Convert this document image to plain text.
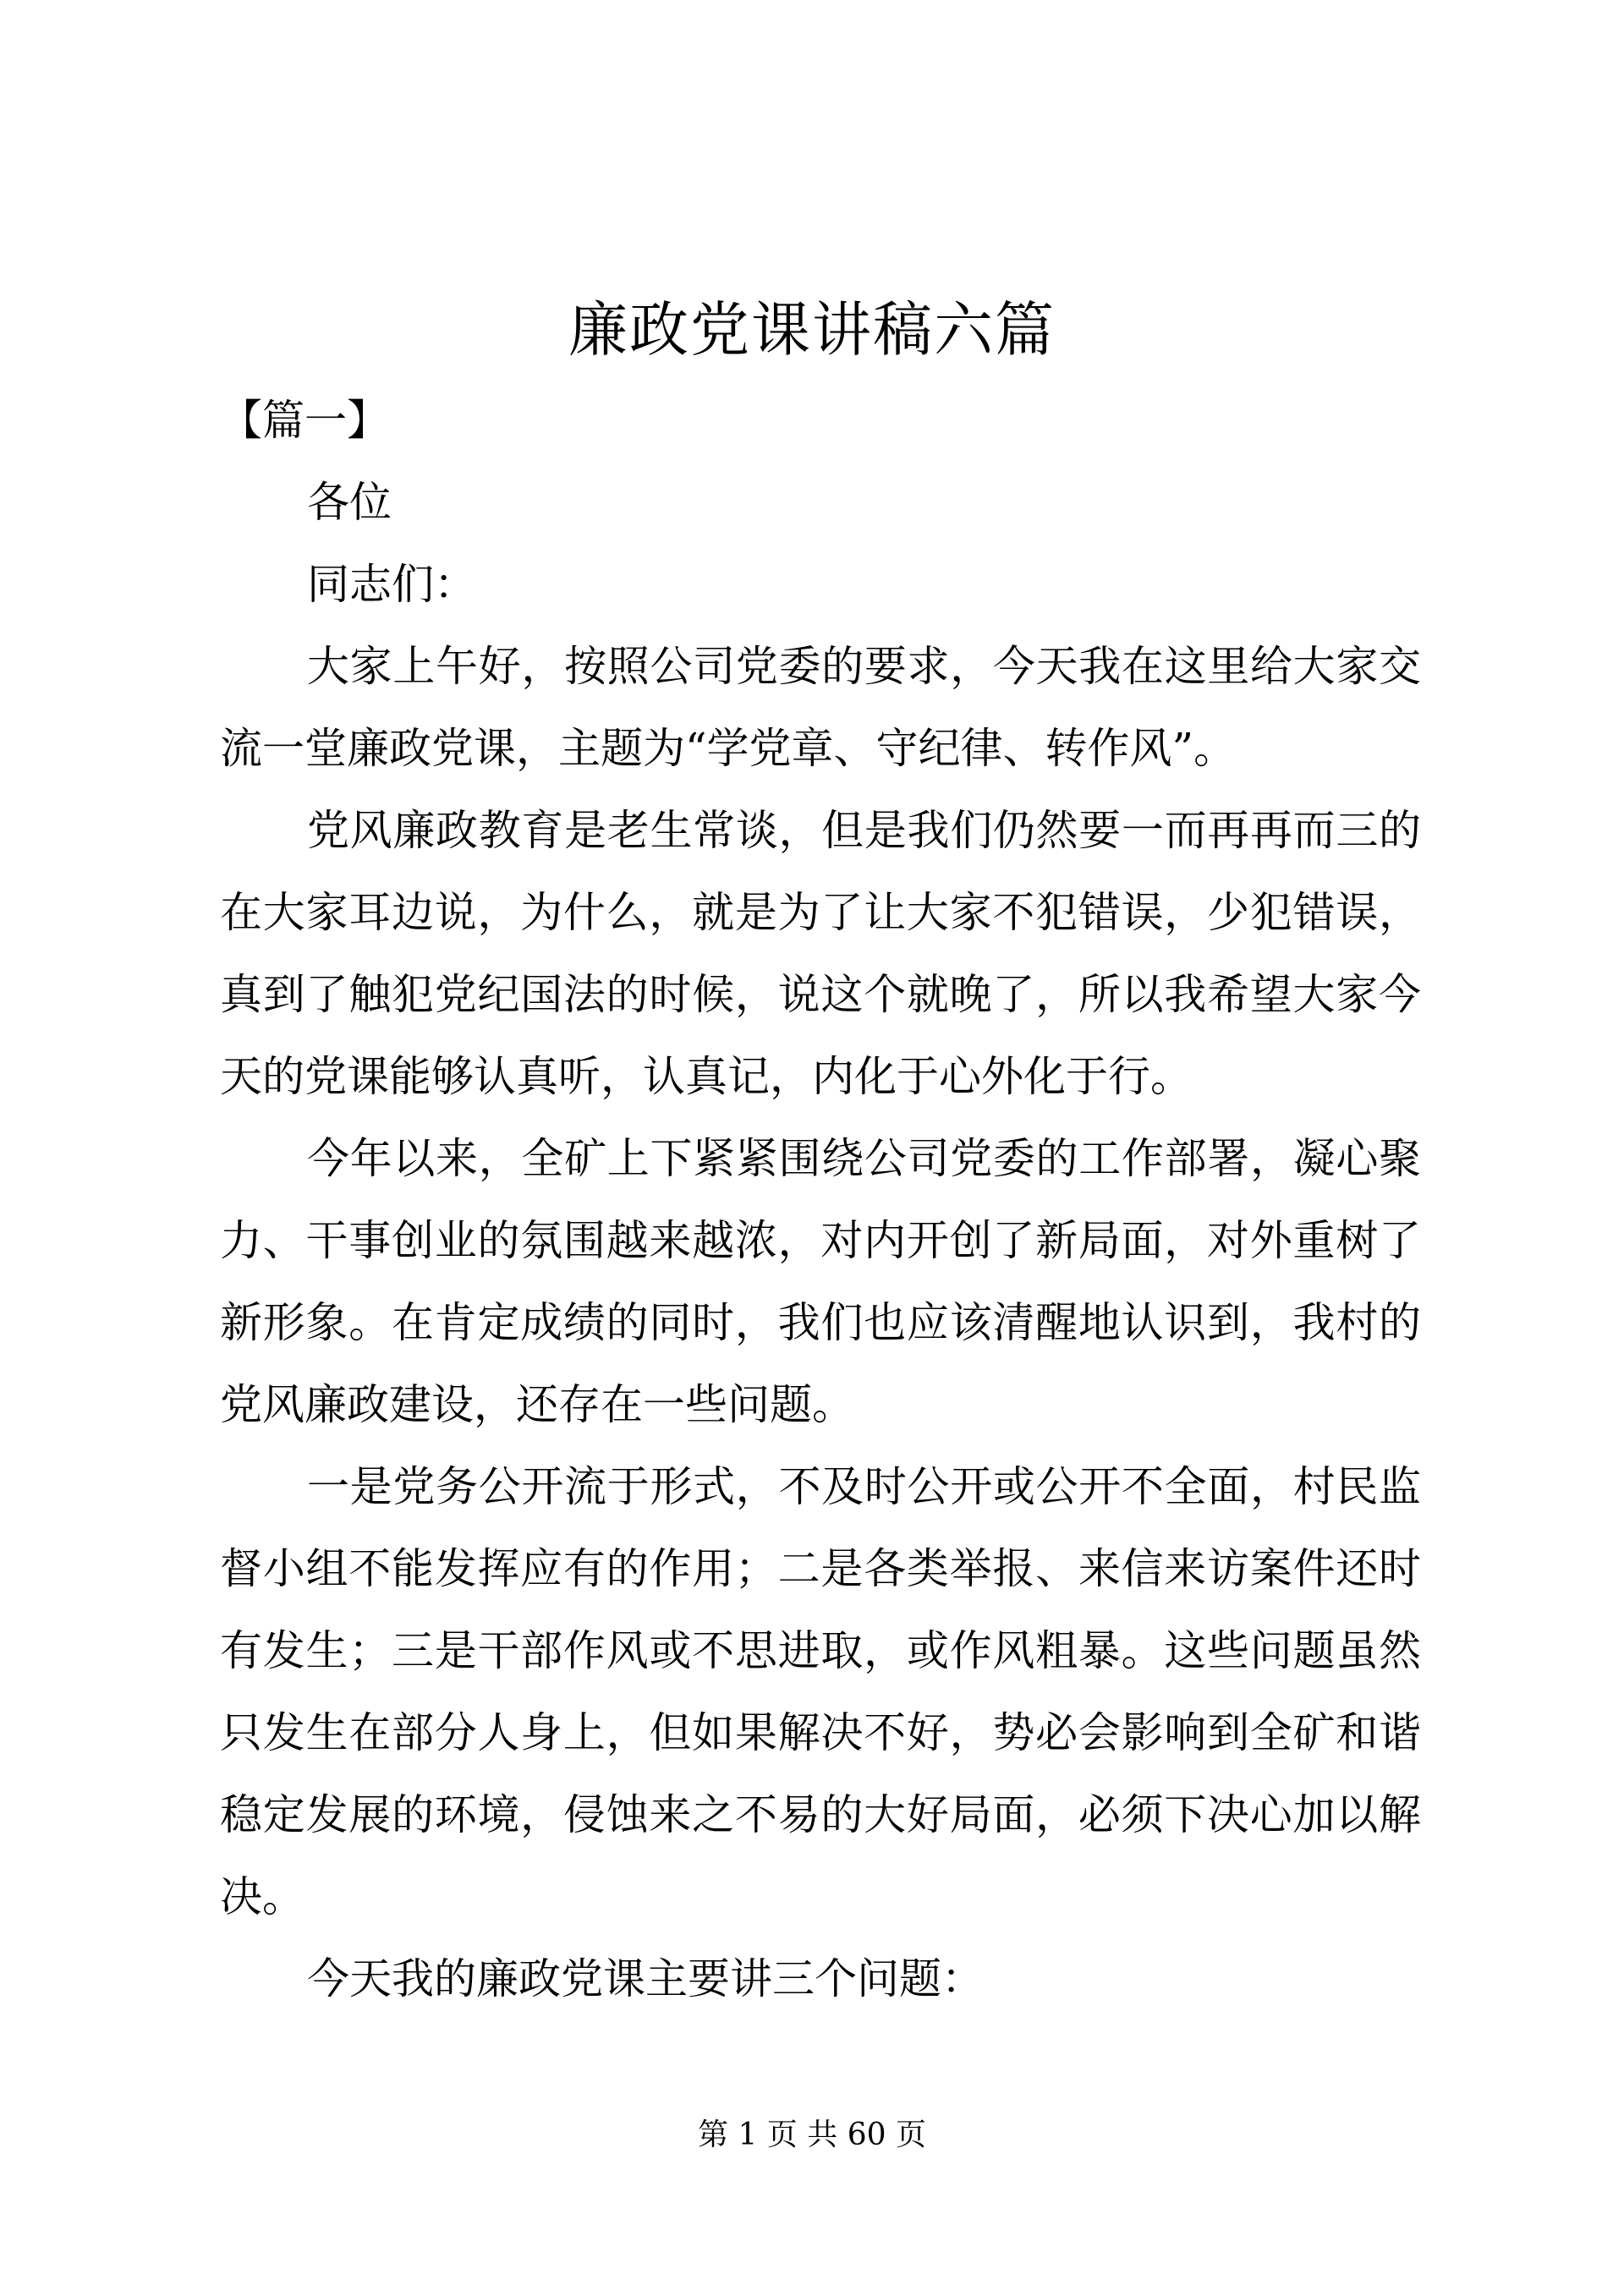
廉政党课讲稿六篇
【篇一】
各位
同志们：
大家上午好，按照公司党委的要求，今天我在这里给大家交
流一堂廉政党课，主题为“学党章、守纪律、转作风”。
党风廉政教育是老生常谈，但是我们仍然要一而再再而三的
在大家耳边说，为什么，就是为了让大家不犯错误，少犯错误，
真到了触犯党纪国法的时候，说这个就晚了，所以我希望大家今
天的党课能够认真听，认真记，内化于心外化于行。
今年以来，全矿上下紧紧围绕公司党委的工作部署，凝心聚
力、干事创业的氛围越来越浓，对内开创了新局面，对外重树了
新形象。在肯定成绩的同时，我们也应该清醒地认识到，我村的
党风廉政建设，还存在一些问题。
一是党务公开流于形式，不及时公开或公开不全面，村民监
督小组不能发挥应有的作用；二是各类举报、来信来访案件还时
有发生；三是干部作风或不思进取，或作风粗暴。这些问题虽然
只发生在部分人身上，但如果解决不好，势必会影响到全矿和谐
稳定发展的环境，侵蚀来之不易的大好局面，必须下决心加以解
决。
今天我的廉政党课主要讲三个问题：
第 1 页 共 60 页
